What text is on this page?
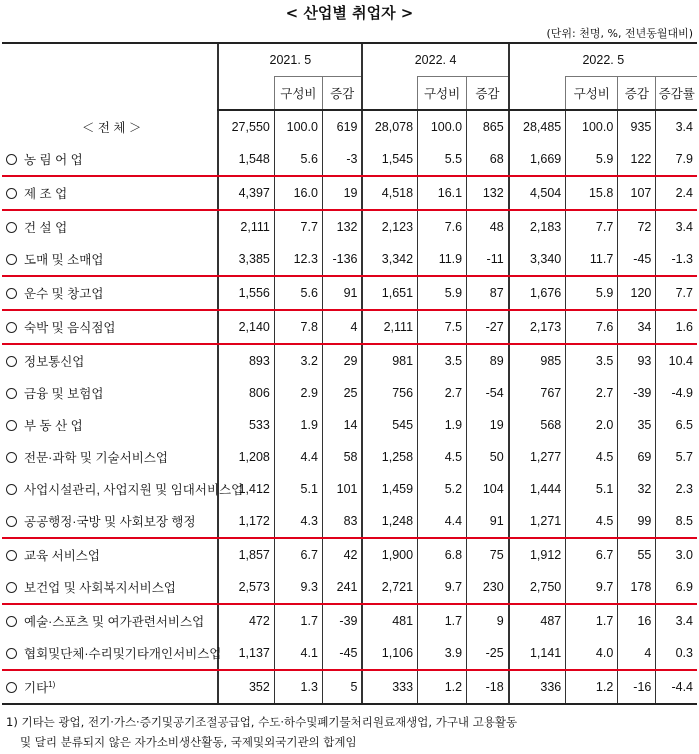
< 산업별 취업자 >
(단위: 천명, %, 전년동월대비)
	2021. 5			2022. 4			2022. 5			
		구성비	증감		구성비	증감		구성비	증감	증감률
＜ 전 체 ＞	27,550	100.0	619	28,078	100.0	865	28,485	100.0	935	3.4
농 림 어 업	1,548	5.6	-3	1,545	5.5	68	1,669	5.9	122	7.9
제 조 업	4,397	16.0	19	4,518	16.1	132	4,504	15.8	107	2.4
건 설 업	2,111	7.7	132	2,123	7.6	48	2,183	7.7	72	3.4
도매 및 소매업	3,385	12.3	-136	3,342	11.9	-11	3,340	11.7	-45	-1.3
운수 및 창고업	1,556	5.6	91	1,651	5.9	87	1,676	5.9	120	7.7
숙박 및 음식점업	2,140	7.8	4	2,111	7.5	-27	2,173	7.6	34	1.6
정보통신업	893	3.2	29	981	3.5	89	985	3.5	93	10.4
금융 및 보험업	806	2.9	25	756	2.7	-54	767	2.7	-39	-4.9
부 동 산 업	533	1.9	14	545	1.9	19	568	2.0	35	6.5
전문·과학 및 기술서비스업	1,208	4.4	58	1,258	4.5	50	1,277	4.5	69	5.7
사업시설관리, 사업지원 및 임대서비스업	1,412	5.1	101	1,459	5.2	104	1,444	5.1	32	2.3
공공행정·국방 및 사회보장 행정	1,172	4.3	83	1,248	4.4	91	1,271	4.5	99	8.5
교육 서비스업	1,857	6.7	42	1,900	6.8	75	1,912	6.7	55	3.0
보건업 및 사회복지서비스업	2,573	9.3	241	2,721	9.7	230	2,750	9.7	178	6.9
예술·스포츠 및 여가관련서비스업	472	1.7	-39	481	1.7	9	487	1.7	16	3.4
협회및단체·수리및기타개인서비스업	1,137	4.1	-45	1,106	3.9	-25	1,141	4.0	4	0.3
기타$^{1)}$	352	1.3	5	333	1.2	-18	336	1.2	-16	-4.4
1) 기타는 광업, 전기·가스·증기및공기조절공급업, 수도·하수및폐기물처리원료재생업, 가구내 고용활동
및 달리 분류되지 않은 자가소비생산활동, 국제및외국기관의 합계임
